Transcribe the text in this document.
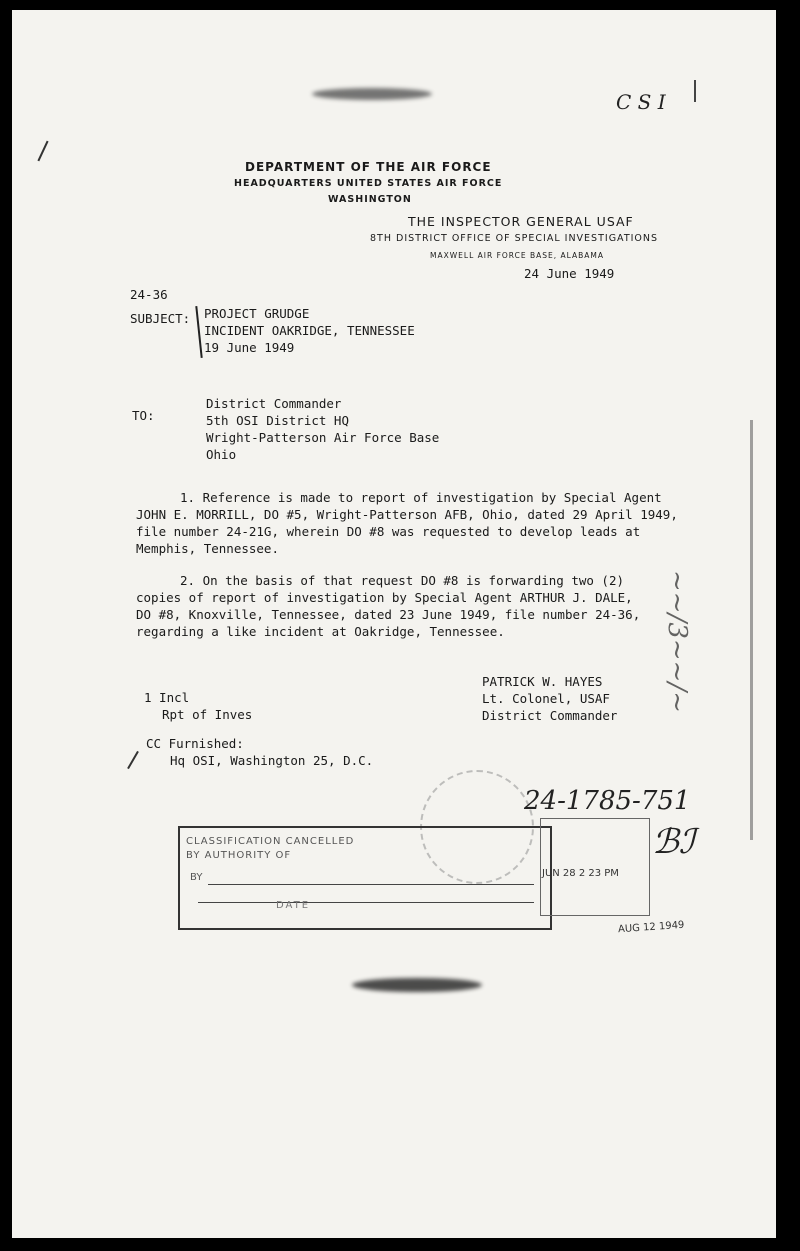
C S I
DEPARTMENT OF THE AIR FORCE
HEADQUARTERS UNITED STATES AIR FORCE
WASHINGTON
THE INSPECTOR GENERAL USAF
8TH DISTRICT OFFICE OF SPECIAL INVESTIGATIONS
MAXWELL AIR FORCE BASE, ALABAMA
24 June 1949
24-36
SUBJECT: PROJECT GRUDGE
INCIDENT OAKRIDGE, TENNESSEE
19 June 1949
TO:
District Commander
5th OSI District HQ
Wright-Patterson Air Force Base
Ohio
1. Reference is made to report of investigation by Special Agent
JOHN E. MORRILL, DO #5, Wright-Patterson AFB, Ohio, dated 29 April 1949,
file number 24-21G, wherein DO #8 was requested to develop leads at
Memphis, Tennessee.
2. On the basis of that request DO #8 is forwarding two (2)
copies of report of investigation by Special Agent ARTHUR J. DALE,
DO #8, Knoxville, Tennessee, dated 23 June 1949, file number 24-36,
regarding a like incident at Oakridge, Tennessee.
PATRICK W. HAYES
Lt. Colonel, USAF
District Commander
1 Incl
Rpt of Inves
CC Furnished:
Hq OSI, Washington 25, D.C.
~~/3~~/~
24-1785-751
CLASSIFICATION CANCELLED
BY AUTHORITY OF
BY
DATE
JUN 28 2 23 PM
ℬℐ
AUG 12 1949
